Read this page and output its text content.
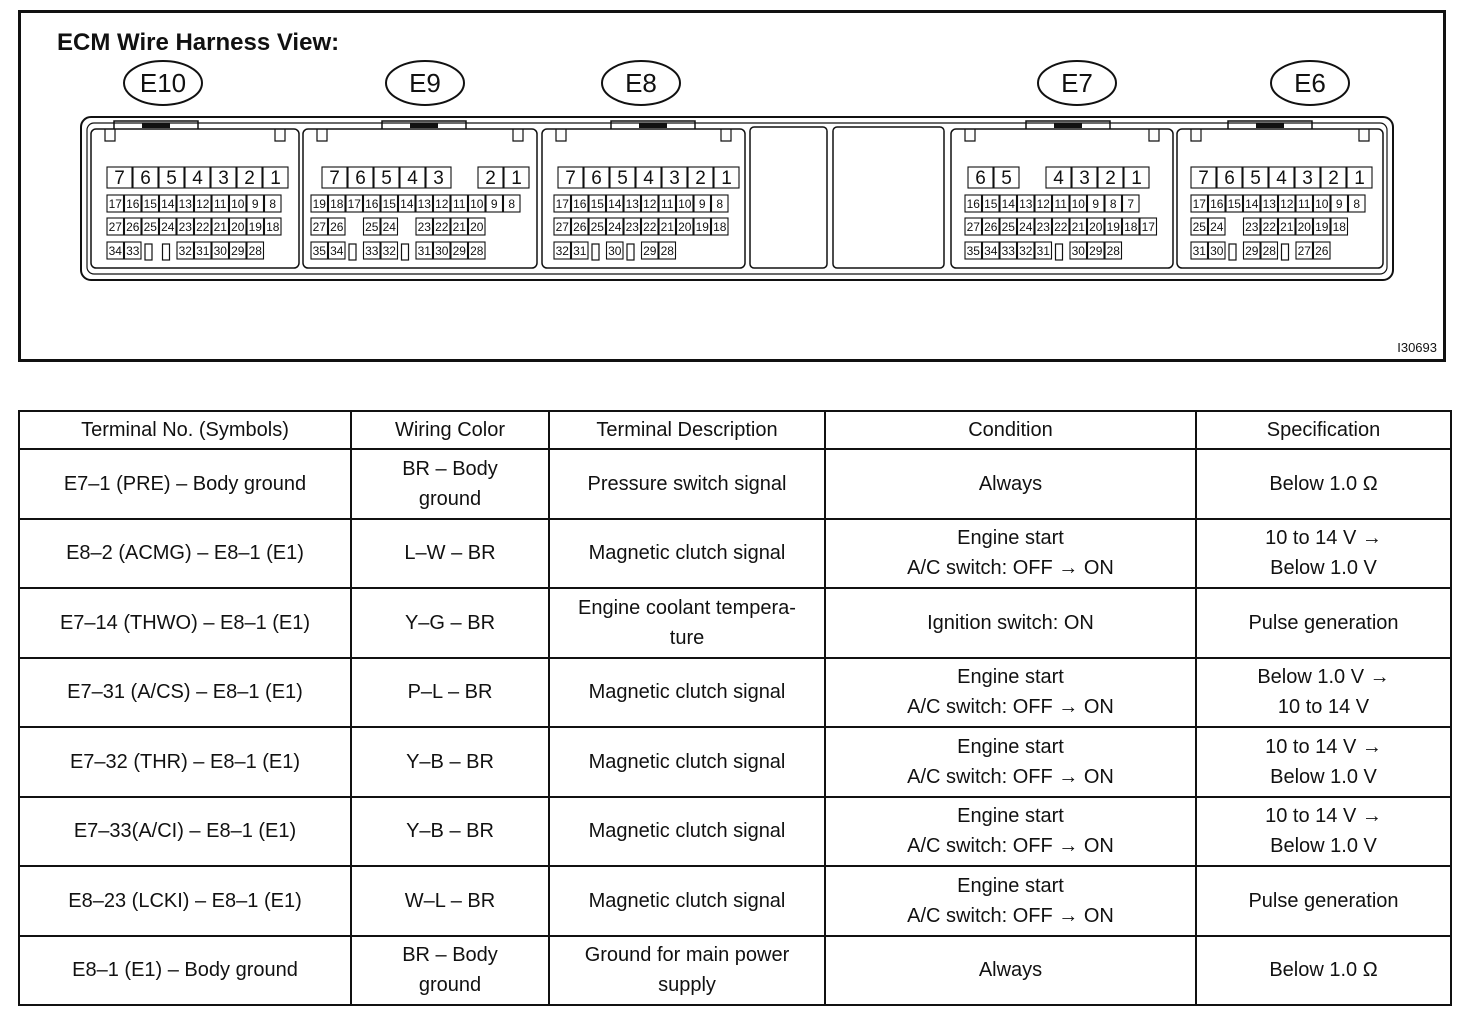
E10
7 6 5 4 3 2 1
17 16 15 14 13 12 11 10 9 8
27 26 25 24 23 22 21 20 19 18
34 33	32 31 30 29 28
E9
7 6 5 4 3 2 1
19 18 17 16 15 14 13 12 11 10 9 8
27 26 25 24 23 22 21 20
35 34 33 32 31 30 29 28
E8
7 6 5 4 3 2 1
17 16 15 14 13 12 11 10 9 8
27 26 25 24 23 22 21 20 19 18
32 31 30 29 28
E7
6 5 4 3 2 1
16 15 14 13 12 11 10 9 8 7
27 26 25 24 23 22 21 20 19 18 17
35 34 33 32 31 30 29 28
E6
7 6 5 4 3 2 1
17 16 15 14 13 12 11 10 9 8
25 24 23 22 21 20 19 18
31 30 29 28 27 26
ECM Wire Harness View:
I30693
Terminal No. (Symbols)	Wiring Color	Terminal Description	Condition	Specification
E7–1 (PRE) – Body ground	BR – Body
ground	Pressure switch signal	Always	Below 1.0 Ω

E8–2 (ACMG) – E8–1 (E1)	L–W – BR	Magnetic clutch signal	Engine start
A/C switch: OFF → ON	10 to 14 V →
Below 1.0 V

E7–14 (THWO) – E8–1 (E1)	Y–G – BR	Engine coolant tempera-
ture	Ignition switch: ON	Pulse generation

E7–31 (A/CS) – E8–1 (E1)	P–L – BR	Magnetic clutch signal	Engine start
A/C switch: OFF → ON	Below 1.0 V →
10 to 14 V

E7–32 (THR) – E8–1 (E1)	Y–B – BR	Magnetic clutch signal	Engine start
A/C switch: OFF → ON	10 to 14 V →
Below 1.0 V

E7–33(A/CI) – E8–1 (E1)	Y–B – BR	Magnetic clutch signal	Engine start
A/C switch: OFF → ON	10 to 14 V →
Below 1.0 V

E8–23 (LCKI) – E8–1 (E1)	W–L – BR	Magnetic clutch signal	Engine start
A/C switch: OFF → ON	Pulse generation

E8–1 (E1) – Body ground	BR – Body
ground	Ground for main power
supply	Always	Below 1.0 Ω
